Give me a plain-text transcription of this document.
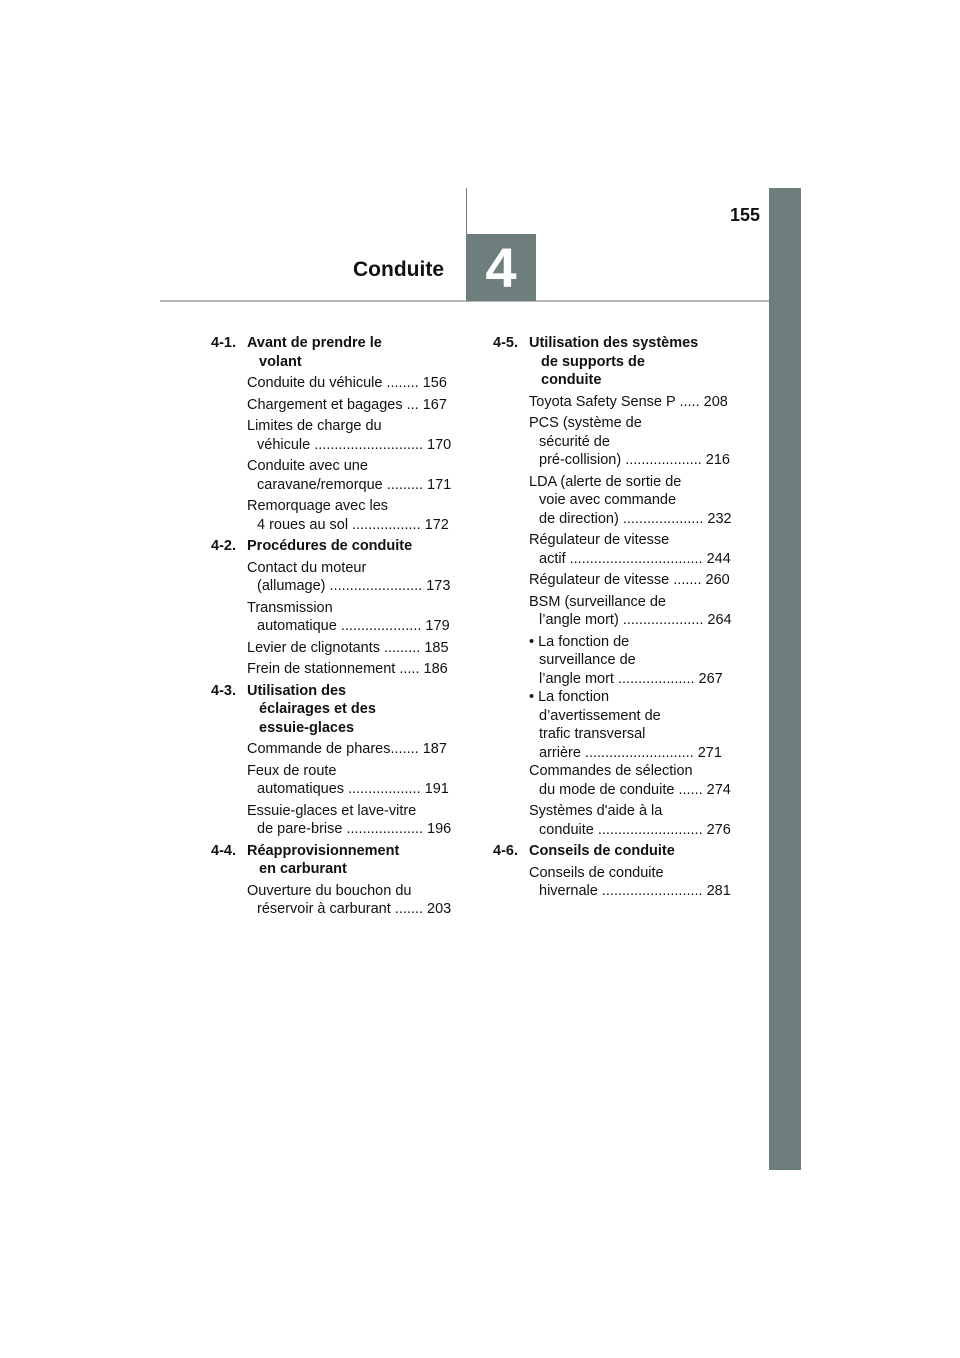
155
Conduite 4
4-1. Avant de prendre le
volant
Conduite du véhicule ........ 156
Chargement et bagages ... 167
Limites de charge du
véhicule ........................... 170
Conduite avec une
caravane/remorque ......... 171
Remorquage avec les
4 roues au sol ................. 172
4-2. Procédures de conduite
Contact du moteur
(allumage) ....................... 173
Transmission
automatique .................... 179
Levier de clignotants ......... 185
Frein de stationnement ..... 186
4-3. Utilisation des
éclairages et des
essuie-glaces
Commande de phares....... 187
Feux de route
automatiques .................. 191
Essuie-glaces et lave-vitre
de pare-brise ................... 196
4-4. Réapprovisionnement
en carburant
Ouverture du bouchon du
réservoir à carburant ....... 203
4-5. Utilisation des systèmes
de supports de
conduite
Toyota Safety Sense P ..... 208
PCS (système de
sécurité de
pré-collision) ................... 216
LDA (alerte de sortie de
voie avec commande
de direction) .................... 232
Régulateur de vitesse
actif ................................. 244
Régulateur de vitesse ....... 260
BSM (surveillance de
l’angle mort) .................... 264
• La fonction de
surveillance de
l’angle mort ................... 267
• La fonction
d’avertissement de
trafic transversal
arrière ........................... 271
Commandes de sélection
du mode de conduite ...... 274
Systèmes d'aide à la
conduite .......................... 276
4-6. Conseils de conduite
Conseils de conduite
hivernale ......................... 281
